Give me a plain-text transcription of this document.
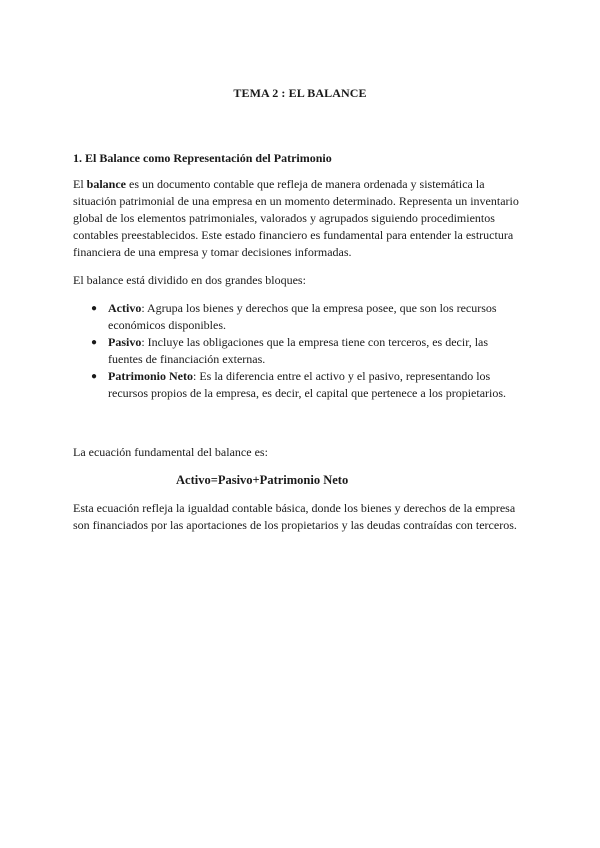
TEMA 2 : EL BALANCE
1. El Balance como Representación del Patrimonio

El balance es un documento contable que refleja de manera ordenada y sistemática la situación patrimonial de una empresa en un momento determinado. Representa un inventario global de los elementos patrimoniales, valorados y agrupados siguiendo procedimientos contables preestablecidos. Este estado financiero es fundamental para entender la estructura financiera de una empresa y tomar decisiones informadas.

El balance está dividido en dos grandes bloques:

● Activo: Agrupa los bienes y derechos que la empresa posee, que son los recursos económicos disponibles.
● Pasivo: Incluye las obligaciones que la empresa tiene con terceros, es decir, las fuentes de financiación externas.
● Patrimonio Neto: Es la diferencia entre el activo y el pasivo, representando los recursos propios de la empresa, es decir, el capital que pertenece a los propietarios.

La ecuación fundamental del balance es:

Activo=Pasivo+Patrimonio Neto

Esta ecuación refleja la igualdad contable básica, donde los bienes y derechos de la empresa son financiados por las aportaciones de los propietarios y las deudas contraídas con terceros.
